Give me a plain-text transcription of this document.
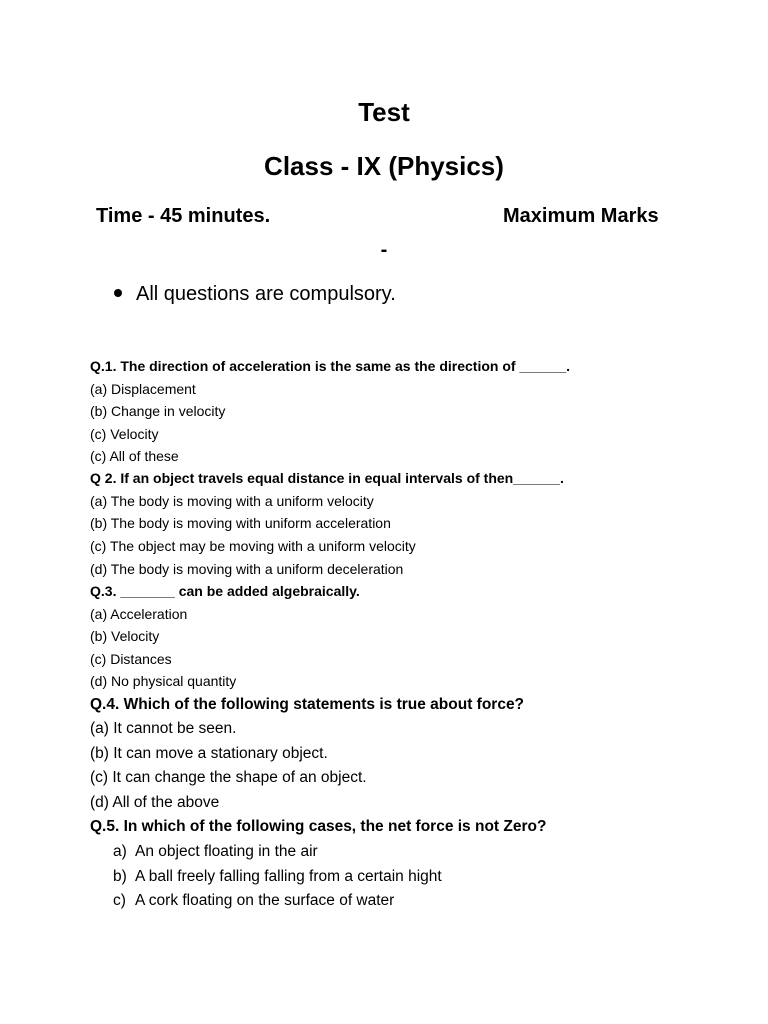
Test
Class - IX (Physics)
Time - 45 minutes.	Maximum Marks
-
All questions are compulsory.
Q.1. The direction of acceleration is the same as the direction of ______.
(a) Displacement
(b) Change in velocity
(c) Velocity
(c) All of these
Q 2. If an object travels equal distance in equal intervals of then______.
(a) The body is moving with a uniform velocity
(b) The body is moving with uniform acceleration
(c) The object may be moving with a uniform velocity
(d) The body is moving with a uniform deceleration
Q.3. _______ can be added algebraically.
(a) Acceleration
(b) Velocity
(c) Distances
(d) No physical quantity
Q.4. Which of the following statements is true about force?
(a) It cannot be seen.
(b) It can move a stationary object.
(c) It can change the shape of an object.
(d) All of the above
Q.5. In which of the following cases, the net force is not Zero?
a) An object floating in the air
b) A ball freely falling falling from a certain hight
c) A cork floating on the surface of water
